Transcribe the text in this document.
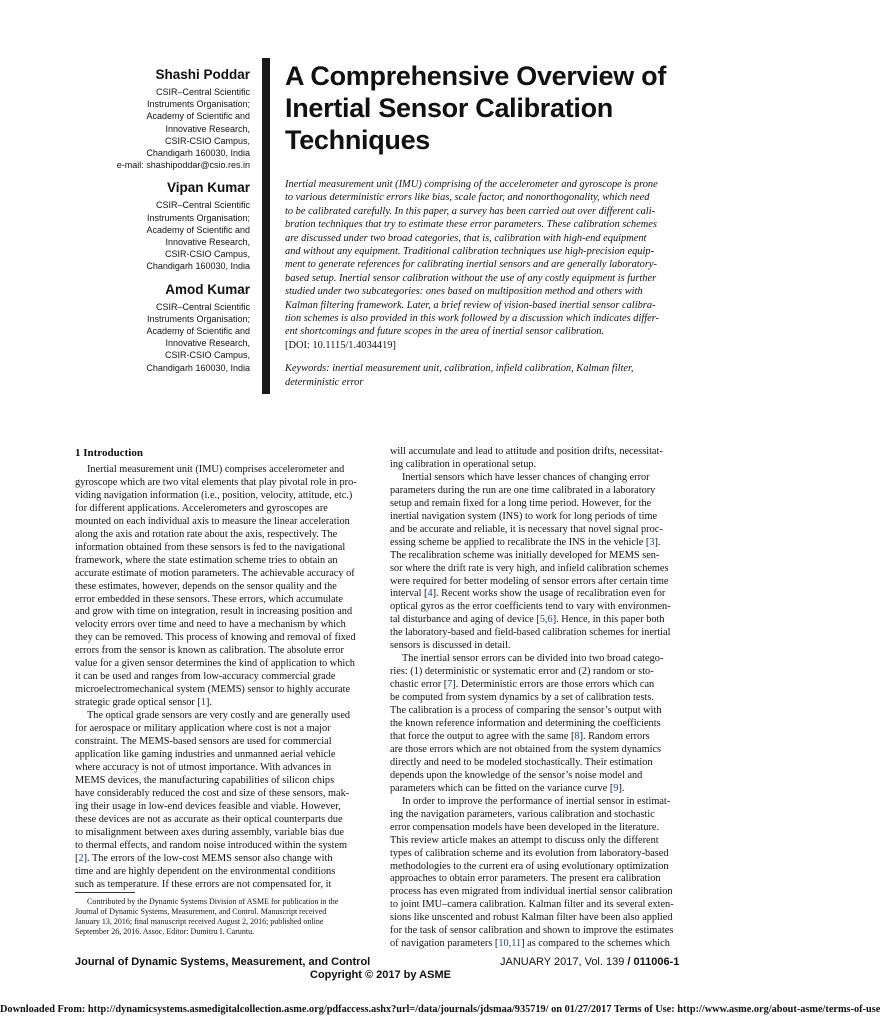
Shashi Poddar
CSIR–Central Scientific
Instruments Organisation;
Academy of Scientific and
Innovative Research,
CSIR-CSIO Campus,
Chandigarh 160030, India
e-mail: shashipoddar@csio.res.in
Vipan Kumar
CSIR–Central Scientific
Instruments Organisation;
Academy of Scientific and
Innovative Research,
CSIR-CSIO Campus,
Chandigarh 160030, India
Amod Kumar
CSIR–Central Scientific
Instruments Organisation;
Academy of Scientific and
Innovative Research,
CSIR-CSIO Campus,
Chandigarh 160030, India
A Comprehensive Overview of
Inertial Sensor Calibration
Techniques
Inertial measurement unit (IMU) comprising of the accelerometer and gyroscope is prone
to various deterministic errors like bias, scale factor, and nonorthogonality, which need
to be calibrated carefully. In this paper, a survey has been carried out over different cali-
bration techniques that try to estimate these error parameters. These calibration schemes
are discussed under two broad categories, that is, calibration with high-end equipment
and without any equipment. Traditional calibration techniques use high-precision equip-
ment to generate references for calibrating inertial sensors and are generally laboratory-
based setup. Inertial sensor calibration without the use of any costly equipment is further
studied under two subcategories: ones based on multiposition method and others with
Kalman filtering framework. Later, a brief review of vision-based inertial sensor calibra-
tion schemes is also provided in this work followed by a discussion which indicates differ-
ent shortcomings and future scopes in the area of inertial sensor calibration.
[DOI: 10.1115/1.4034419]
Keywords: inertial measurement unit, calibration, infield calibration, Kalman filter,
deterministic error
1 Introduction
Inertial measurement unit (IMU) comprises accelerometer and
gyroscope which are two vital elements that play pivotal role in pro-
viding navigation information (i.e., position, velocity, attitude, etc.)
for different applications. Accelerometers and gyroscopes are
mounted on each individual axis to measure the linear acceleration
along the axis and rotation rate about the axis, respectively. The
information obtained from these sensors is fed to the navigational
framework, where the state estimation scheme tries to obtain an
accurate estimate of motion parameters. The achievable accuracy of
these estimates, however, depends on the sensor quality and the
error embedded in these sensors. These errors, which accumulate
and grow with time on integration, result in increasing position and
velocity errors over time and need to have a mechanism by which
they can be removed. This process of knowing and removal of fixed
errors from the sensor is known as calibration. The absolute error
value for a given sensor determines the kind of application to which
it can be used and ranges from low-accuracy commercial grade
microelectromechanical system (MEMS) sensor to highly accurate
strategic grade optical sensor [1].
The optical grade sensors are very costly and are generally used
for aerospace or military application where cost is not a major
constraint. The MEMS-based sensors are used for commercial
application like gaming industries and unmanned aerial vehicle
where accuracy is not of utmost importance. With advances in
MEMS devices, the manufacturing capabilities of silicon chips
have considerably reduced the cost and size of these sensors, mak-
ing their usage in low-end devices feasible and viable. However,
these devices are not as accurate as their optical counterparts due
to misalignment between axes during assembly, variable bias due
to thermal effects, and random noise introduced within the system
[2]. The errors of the low-cost MEMS sensor also change with
time and are highly dependent on the environmental conditions
such as temperature. If these errors are not compensated for, it
will accumulate and lead to attitude and position drifts, necessitat-
ing calibration in operational setup.
Inertial sensors which have lesser chances of changing error
parameters during the run are one time calibrated in a laboratory
setup and remain fixed for a long time period. However, for the
inertial navigation system (INS) to work for long periods of time
and be accurate and reliable, it is necessary that novel signal proc-
essing scheme be applied to recalibrate the INS in the vehicle [3].
The recalibration scheme was initially developed for MEMS sen-
sor where the drift rate is very high, and infield calibration schemes
were required for better modeling of sensor errors after certain time
interval [4]. Recent works show the usage of recalibration even for
optical gyros as the error coefficients tend to vary with environmen-
tal disturbance and aging of device [5,6]. Hence, in this paper both
the laboratory-based and field-based calibration schemes for inertial
sensors is discussed in detail.
The inertial sensor errors can be divided into two broad catego-
ries: (1) deterministic or systematic error and (2) random or sto-
chastic error [7]. Deterministic errors are those errors which can
be computed from system dynamics by a set of calibration tests.
The calibration is a process of comparing the sensor’s output with
the known reference information and determining the coefficients
that force the output to agree with the same [8]. Random errors
are those errors which are not obtained from the system dynamics
directly and need to be modeled stochastically. Their estimation
depends upon the knowledge of the sensor’s noise model and
parameters which can be fitted on the variance curve [9].
In order to improve the performance of inertial sensor in estimat-
ing the navigation parameters, various calibration and stochastic
error compensation models have been developed in the literature.
This review article makes an attempt to discuss only the different
types of calibration scheme and its evolution from laboratory-based
methodologies to the current era of using evolutionary optimization
approaches to obtain error parameters. The present era calibration
process has even migrated from individual inertial sensor calibration
to joint IMU–camera calibration. Kalman filter and its several exten-
sions like unscented and robust Kalman filter have been also applied
for the task of sensor calibration and shown to improve the estimates
of navigation parameters [10,11] as compared to the schemes which
Contributed by the Dynamic Systems Division of ASME for publication in the
Journal of Dynamic Systems, Measurement, and Control. Manuscript received
January 13, 2016; final manuscript received August 2, 2016; published online
September 26, 2016. Assoc. Editor: Dumitru I. Caruntu.
Journal of Dynamic Systems, Measurement, and Control
Copyright © 2017 by ASME
JANUARY 2017, Vol. 139 / 011006-1
Downloaded From: http://dynamicsystems.asmedigitalcollection.asme.org/pdfaccess.ashx?url=/data/journals/jdsmaa/935719/ on 01/27/2017 Terms of Use: http://www.asme.org/about-asme/terms-of-use
